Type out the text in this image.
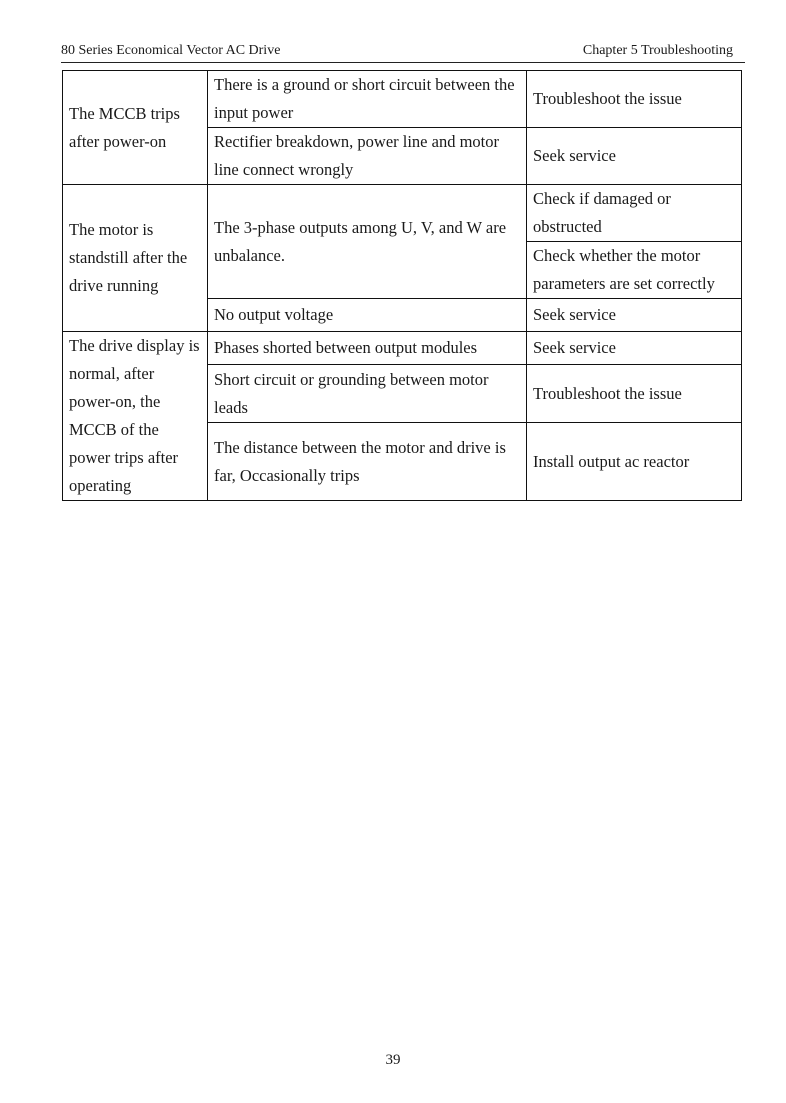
80 Series Economical Vector AC Drive	Chapter 5 Troubleshooting
The MCCB trips after power-on	There is a ground or short circuit between the input power	Troubleshoot the issue
	Rectifier breakdown, power line and motor line connect wrongly	Seek service
The motor is standstill after the drive running	The 3-phase outputs among U, V, and W are unbalance.	Check if damaged or obstructed
		Check whether the motor parameters are set correctly
	No output voltage	Seek service
The drive display is normal, after power-on, the MCCB of the power trips after operating	Phases shorted between output modules	Seek service
	Short circuit or grounding between motor leads	Troubleshoot the issue
	The distance between the motor and drive is far, Occasionally trips	Install output ac reactor
39
